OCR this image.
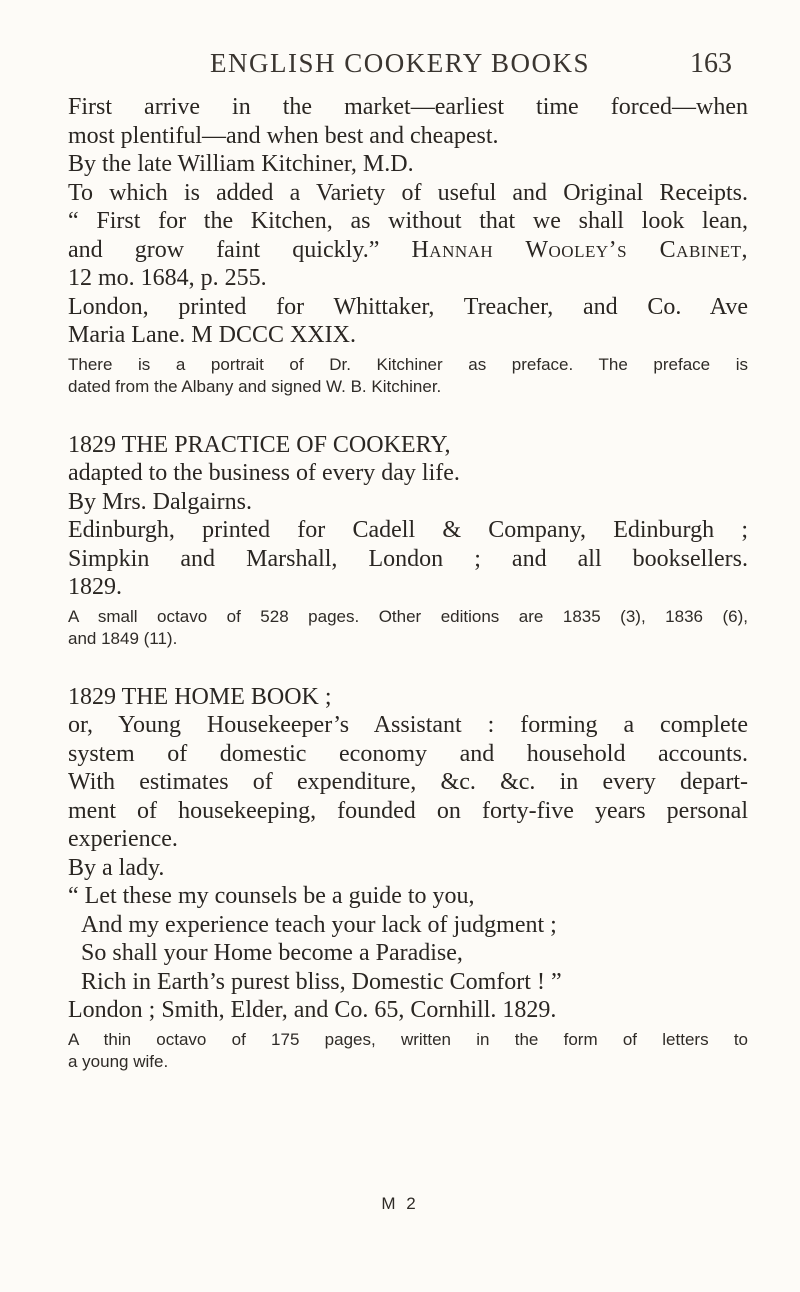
ENGLISH COOKERY BOOKS	163
First arrive in the market—earliest time forced—when
most plentiful—and when best and cheapest.
By the late William Kitchiner, M.D.
To which is added a Variety of useful and Original Receipts.
“ First for the Kitchen, as without that we shall look lean,
and grow faint quickly.” Hannah Wooley’s Cabinet,
12 mo. 1684, p. 255.
London, printed for Whittaker, Treacher, and Co. Ave
Maria Lane. M DCCC XXIX.
There is a portrait of Dr. Kitchiner as preface. The preface is
dated from the Albany and signed W. B. Kitchiner.
1829 THE PRACTICE OF COOKERY,
adapted to the business of every day life.
By Mrs. Dalgairns.
Edinburgh, printed for Cadell & Company, Edinburgh ;
Simpkin and Marshall, London ; and all booksellers.
1829.
A small octavo of 528 pages. Other editions are 1835 (3), 1836 (6),
and 1849 (11).
1829 THE HOME BOOK ;
or, Young Housekeeper’s Assistant : forming a complete
system of domestic economy and household accounts.
With estimates of expenditure, &c. &c. in every depart-
ment of housekeeping, founded on forty-five years personal
experience.
By a lady.
“ Let these my counsels be a guide to you,
And my experience teach your lack of judgment ;
So shall your Home become a Paradise,
Rich in Earth’s purest bliss, Domestic Comfort ! ”
London ; Smith, Elder, and Co. 65, Cornhill. 1829.
A thin octavo of 175 pages, written in the form of letters to
a young wife.
M 2
